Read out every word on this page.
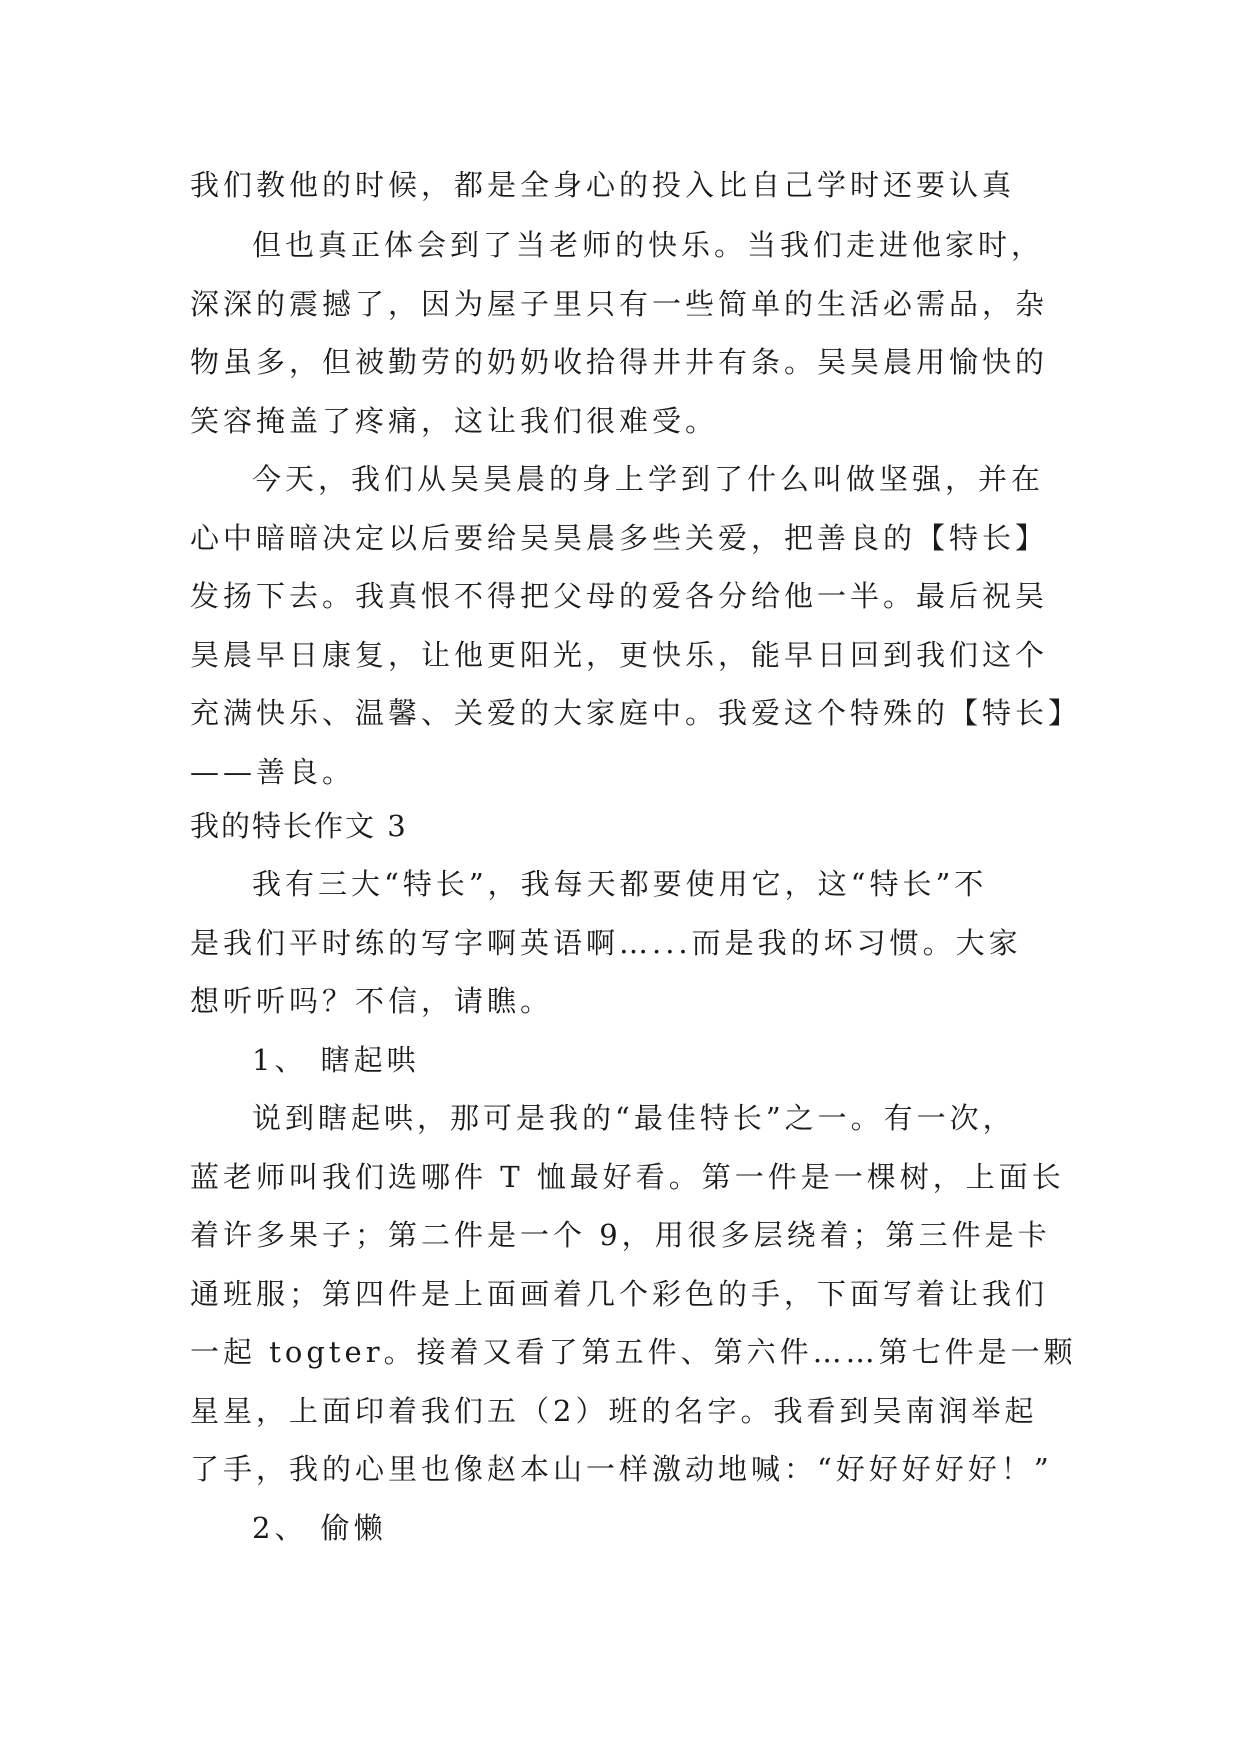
我们教他的时候，都是全身心的投入比自己学时还要认真
但也真正体会到了当老师的快乐。当我们走进他家时，
深深的震撼了，因为屋子里只有一些简单的生活必需品，杂
物虽多，但被勤劳的奶奶收拾得井井有条。吴昊晨用愉快的
笑容掩盖了疼痛，这让我们很难受。
今天，我们从吴昊晨的身上学到了什么叫做坚强，并在
心中暗暗决定以后要给吴昊晨多些关爱，把善良的【特长】
发扬下去。我真恨不得把父母的爱各分给他一半。最后祝吴
昊晨早日康复，让他更阳光，更快乐，能早日回到我们这个
充满快乐、温馨、关爱的大家庭中。我爱这个特殊的【特长】
——善良。
我的特长作文 3
我有三大“特长”，我每天都要使用它，这“特长”不
是我们平时练的写字啊英语啊…...而是我的坏习惯。大家
想听听吗？不信，请瞧。
1、 瞎起哄
说到瞎起哄，那可是我的“最佳特长”之一。有一次，
蓝老师叫我们选哪件 T 恤最好看。第一件是一棵树，上面长
着许多果子；第二件是一个 9，用很多层绕着；第三件是卡
通班服；第四件是上面画着几个彩色的手，下面写着让我们
一起 togter。接着又看了第五件、第六件……第七件是一颗
星星，上面印着我们五（2）班的名字。我看到吴南润举起
了手，我的心里也像赵本山一样激动地喊：“好好好好好！”
2、 偷懒
